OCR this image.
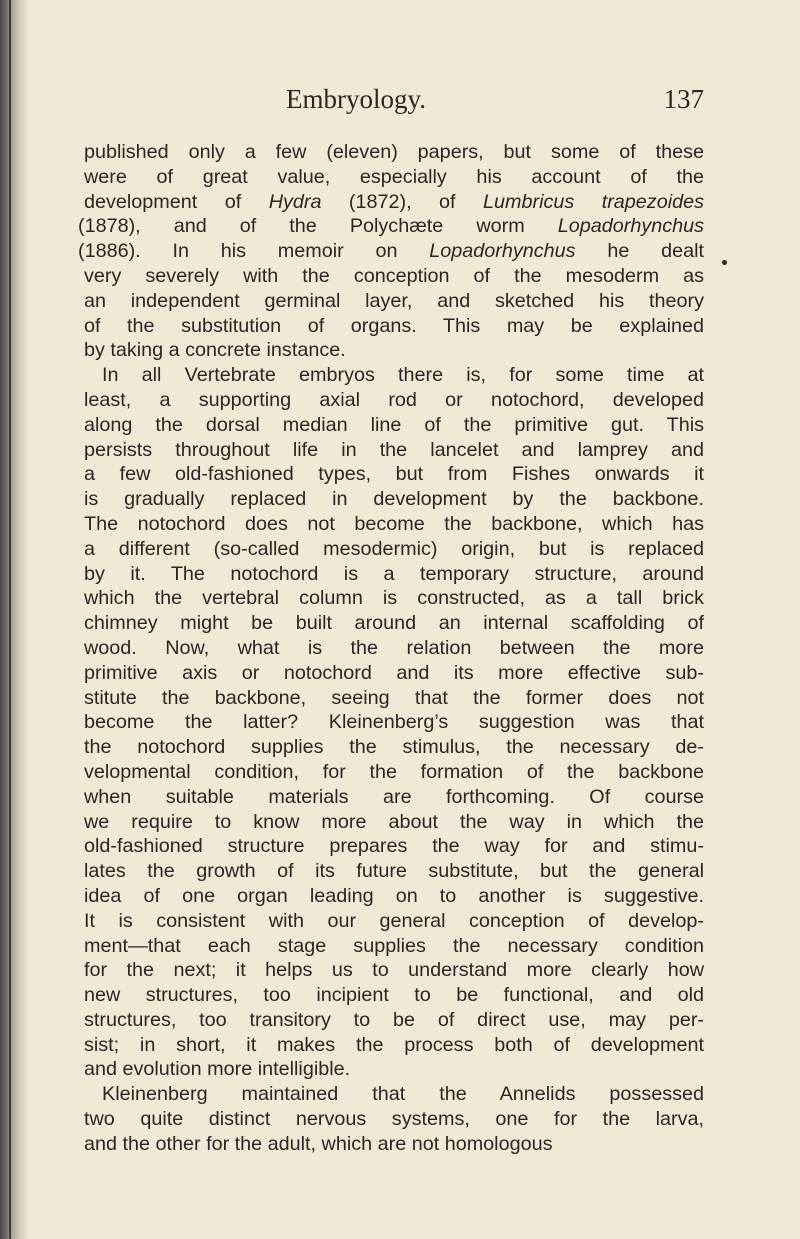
Embryology.	137
published only a few (eleven) papers, but some of these
were of great value, especially his account of the
development of Hydra (1872), of Lumbricus trapezoides
(1878), and of the Polychæte worm Lopadorhynchus
(1886). In his memoir on Lopadorhynchus he dealt
very severely with the conception of the mesoderm as
an independent germinal layer, and sketched his theory
of the substitution of organs. This may be explained
by taking a concrete instance.
In all Vertebrate embryos there is, for some time at
least, a supporting axial rod or notochord, developed
along the dorsal median line of the primitive gut. This
persists throughout life in the lancelet and lamprey and
a few old-fashioned types, but from Fishes onwards it
is gradually replaced in development by the backbone.
The notochord does not become the backbone, which has
a different (so-called mesodermic) origin, but is replaced
by it. The notochord is a temporary structure, around
which the vertebral column is constructed, as a tall brick
chimney might be built around an internal scaffolding of
wood. Now, what is the relation between the more
primitive axis or notochord and its more effective sub-
stitute the backbone, seeing that the former does not
become the latter? Kleinenberg’s suggestion was that
the notochord supplies the stimulus, the necessary de-
velopmental condition, for the formation of the backbone
when suitable materials are forthcoming. Of course
we require to know more about the way in which the
old-fashioned structure prepares the way for and stimu-
lates the growth of its future substitute, but the general
idea of one organ leading on to another is suggestive.
It is consistent with our general conception of develop-
ment—that each stage supplies the necessary condition
for the next; it helps us to understand more clearly how
new structures, too incipient to be functional, and old
structures, too transitory to be of direct use, may per-
sist; in short, it makes the process both of development
and evolution more intelligible.
Kleinenberg maintained that the Annelids possessed
two quite distinct nervous systems, one for the larva,
and the other for the adult, which are not homologous
